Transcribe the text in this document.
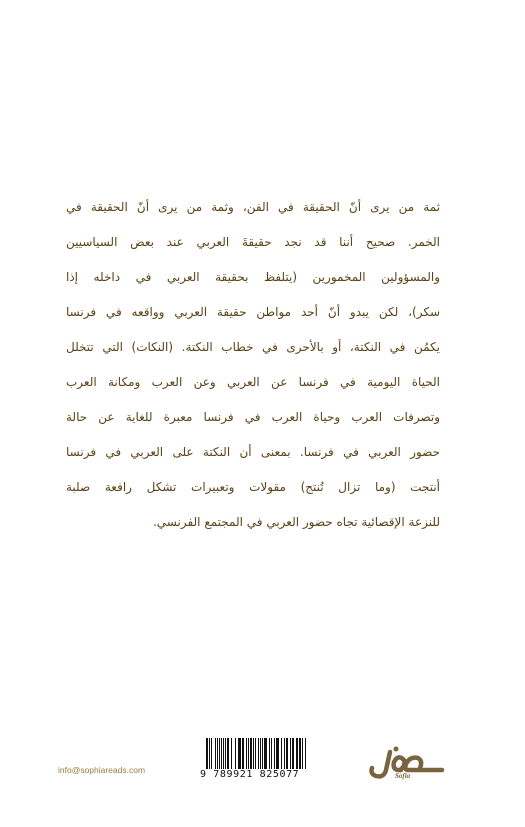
ثمة من يرى أنّ الحقيقة في الفن، وثمة من يرى أنّ الحقيقة في
الخمر. صحيح أننا قد نجد حقيقةَ العربي عند بعض السياسيين
والمسؤولين المخمورين (يتلفظ بحقيقة العربي في داخله إذا
سكر)، لكن يبدو أنّ أحد مواطن حقيقة العربي وواقعه في فرنسا
يكمُن في النكتة، أو بالأحرى في خطاب النكتة. (النكات) التي تتخلل
الحياة اليومية في فرنسا عن العربي وعن العرب ومكانة العرب
وتصرفات العرب وحياة العرب في فرنسا معبرة للغاية عن حالة
حضور العربي في فرنسا. بمعنى أن النكتة على العربي في فرنسا
أنتجت (وما تزال تُنتج) مقولات وتعبيرات تشكل رافعة صلبة
للنزعة الإقصائية تجاه حضور العربي في المجتمع الفرنسي.
info@sophiareads.com	9 789921 825077	Sofia
